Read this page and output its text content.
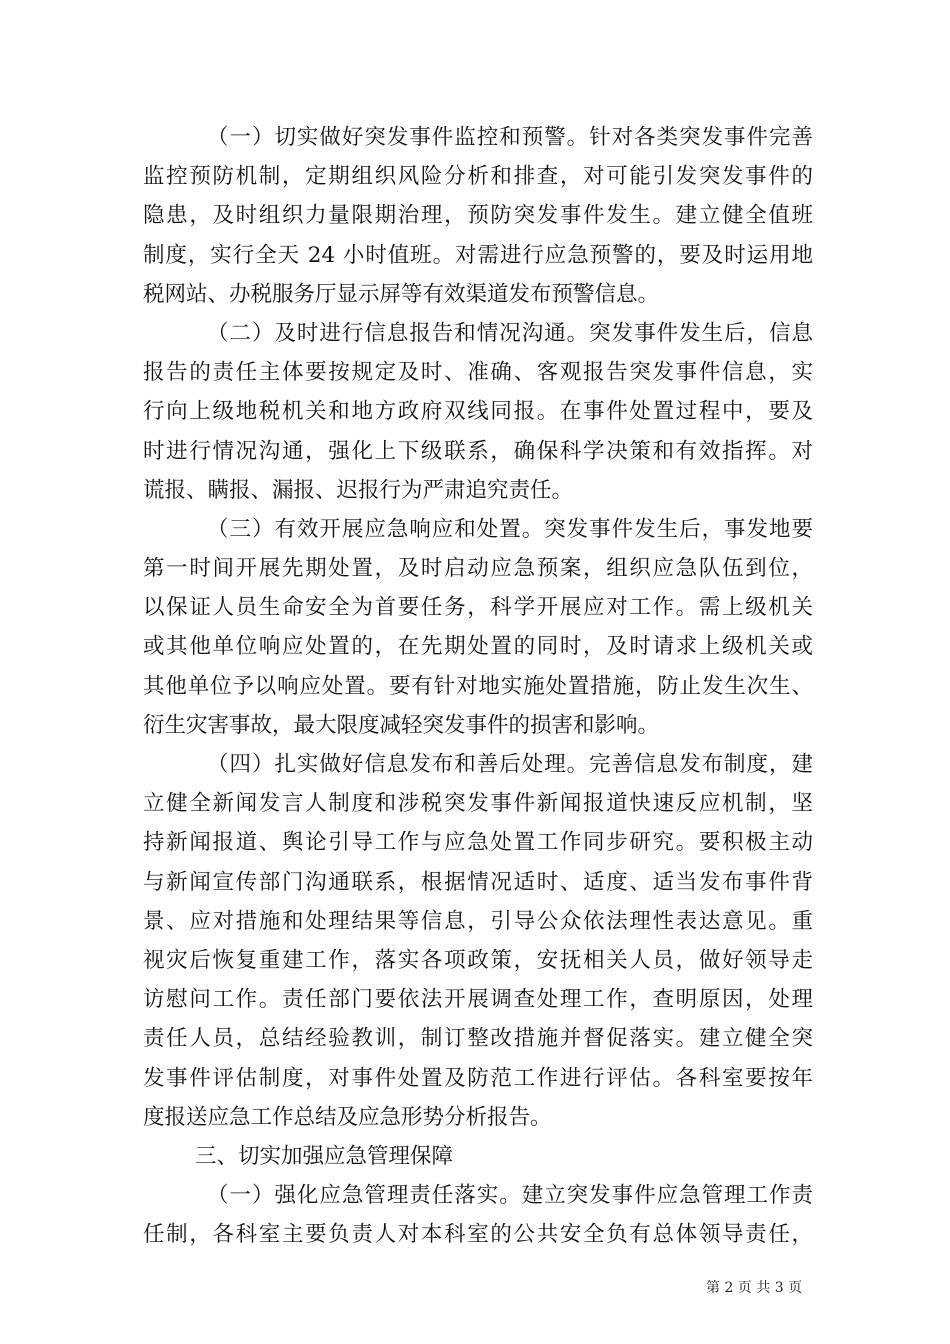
（一）切实做好突发事件监控和预警。针对各类突发事件完善
监控预防机制，定期组织风险分析和排查，对可能引发突发事件的
隐患，及时组织力量限期治理，预防突发事件发生。建立健全值班
制度，实行全天 24 小时值班。对需进行应急预警的，要及时运用地
税网站、办税服务厅显示屏等有效渠道发布预警信息。
（二）及时进行信息报告和情况沟通。突发事件发生后，信息
报告的责任主体要按规定及时、准确、客观报告突发事件信息，实
行向上级地税机关和地方政府双线同报。在事件处置过程中，要及
时进行情况沟通，强化上下级联系，确保科学决策和有效指挥。对
谎报、瞒报、漏报、迟报行为严肃追究责任。
（三）有效开展应急响应和处置。突发事件发生后，事发地要
第一时间开展先期处置，及时启动应急预案，组织应急队伍到位，
以保证人员生命安全为首要任务，科学开展应对工作。需上级机关
或其他单位响应处置的，在先期处置的同时，及时请求上级机关或
其他单位予以响应处置。要有针对地实施处置措施，防止发生次生、
衍生灾害事故，最大限度减轻突发事件的损害和影响。
（四）扎实做好信息发布和善后处理。完善信息发布制度，建
立健全新闻发言人制度和涉税突发事件新闻报道快速反应机制，坚
持新闻报道、舆论引导工作与应急处置工作同步研究。要积极主动
与新闻宣传部门沟通联系，根据情况适时、适度、适当发布事件背
景、应对措施和处理结果等信息，引导公众依法理性表达意见。重
视灾后恢复重建工作，落实各项政策，安抚相关人员，做好领导走
访慰问工作。责任部门要依法开展调查处理工作，查明原因，处理
责任人员，总结经验教训，制订整改措施并督促落实。建立健全突
发事件评估制度，对事件处置及防范工作进行评估。各科室要按年
度报送应急工作总结及应急形势分析报告。
三、切实加强应急管理保障
（一）强化应急管理责任落实。建立突发事件应急管理工作责
任制，各科室主要负责人对本科室的公共安全负有总体领导责任，
第 2 页 共 3 页
